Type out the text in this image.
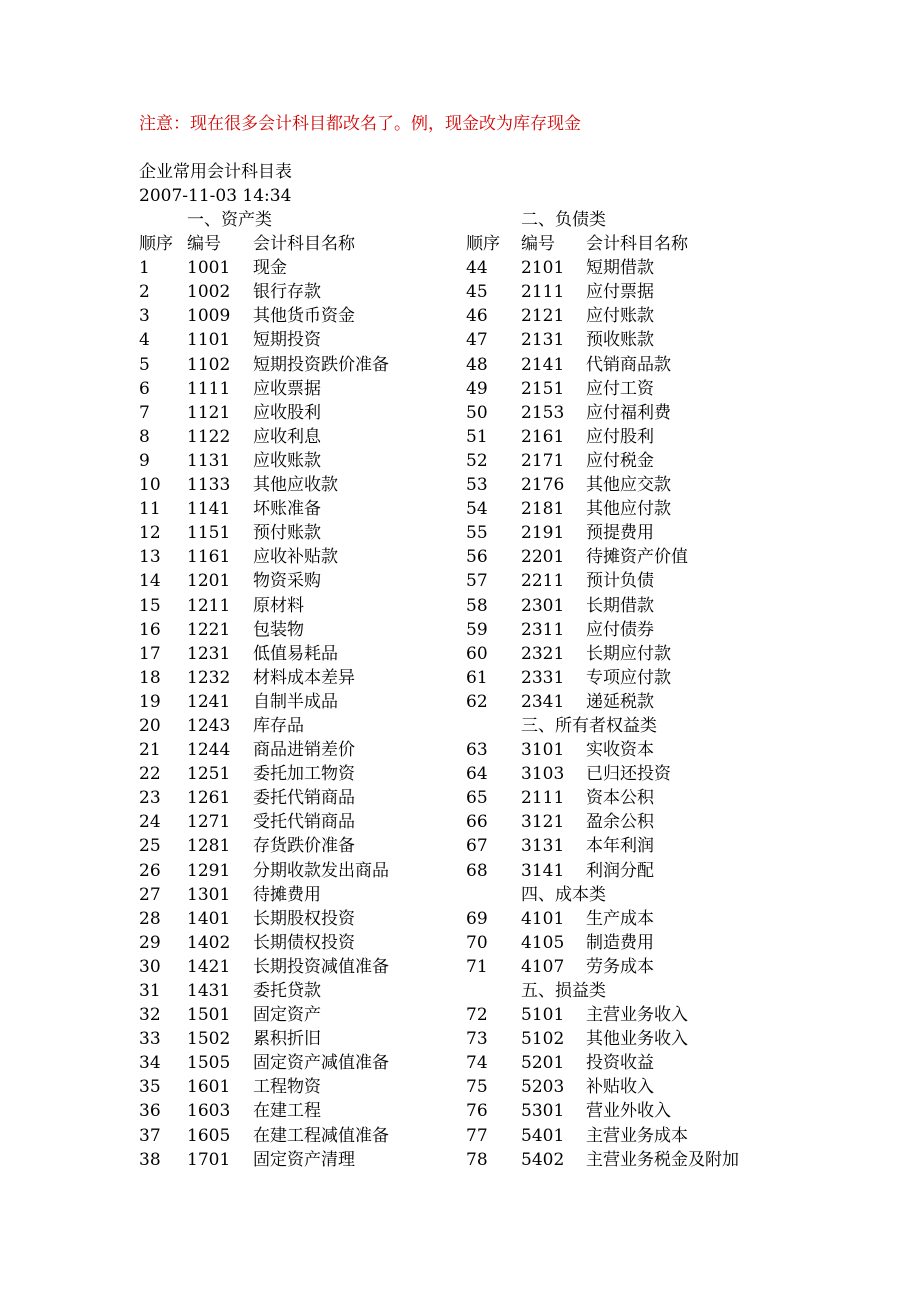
注意：现在很多会计科目都改名了。例，现金改为库存现金
企业常用会计科目表
2007-11-03 14:34
一、资产类
顺序 编号 会计科目名称
1 1001 现金
2 1002 银行存款
3 1009 其他货币资金
4 1101 短期投资
5 1102 短期投资跌价准备
6 1111 应收票据
7 1121 应收股利
8 1122 应收利息
9 1131 应收账款
10 1133 其他应收款
11 1141 坏账准备
12 1151 预付账款
13 1161 应收补贴款
14 1201 物资采购
15 1211 原材料
16 1221 包装物
17 1231 低值易耗品
18 1232 材料成本差异
19 1241 自制半成品
20 1243 库存品
21 1244 商品进销差价
22 1251 委托加工物资
23 1261 委托代销商品
24 1271 受托代销商品
25 1281 存货跌价准备
26 1291 分期收款发出商品
27 1301 待摊费用
28 1401 长期股权投资
29 1402 长期债权投资
30 1421 长期投资减值准备
31 1431 委托贷款
32 1501 固定资产
33 1502 累积折旧
34 1505 固定资产减值准备
35 1601 工程物资
36 1603 在建工程
37 1605 在建工程减值准备
38 1701 固定资产清理
二、负债类
顺序 编号 会计科目名称
44 2101 短期借款
45 2111 应付票据
46 2121 应付账款
47 2131 预收账款
48 2141 代销商品款
49 2151 应付工资
50 2153 应付福利费
51 2161 应付股利
52 2171 应付税金
53 2176 其他应交款
54 2181 其他应付款
55 2191 预提费用
56 2201 待摊资产价值
57 2211 预计负债
58 2301 长期借款
59 2311 应付债券
60 2321 长期应付款
61 2331 专项应付款
62 2341 递延税款
三、所有者权益类
63 3101 实收资本
64 3103 已归还投资
65 2111 资本公积
66 3121 盈余公积
67 3131 本年利润
68 3141 利润分配
四、成本类
69 4101 生产成本
70 4105 制造费用
71 4107 劳务成本
五、损益类
72 5101 主营业务收入
73 5102 其他业务收入
74 5201 投资收益
75 5203 补贴收入
76 5301 营业外收入
77 5401 主营业务成本
78 5402 主营业务税金及附加
